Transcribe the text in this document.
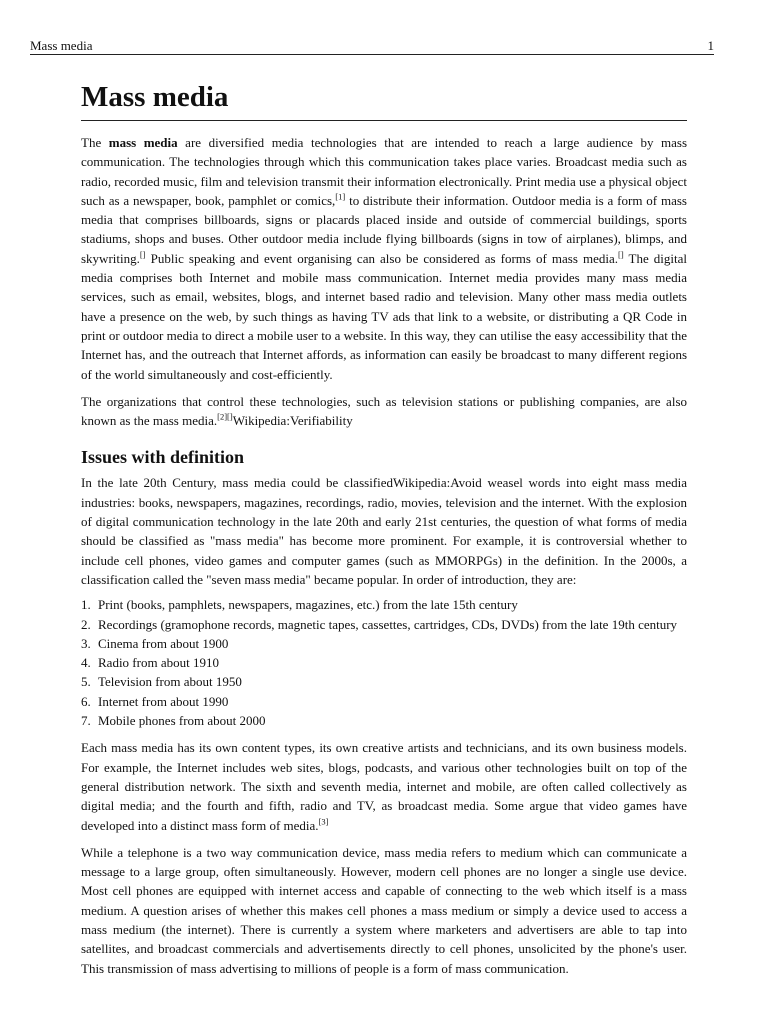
Mass media	1
Mass media

The mass media are diversified media technologies that are intended to reach a large audience by mass communication. The technologies through which this communication takes place varies. Broadcast media such as radio, recorded music, film and television transmit their information electronically. Print media use a physical object such as a newspaper, book, pamphlet or comics,[1] to distribute their information. Outdoor media is a form of mass media that comprises billboards, signs or placards placed inside and outside of commercial buildings, sports stadiums, shops and buses. Other outdoor media include flying billboards (signs in tow of airplanes), blimps, and skywriting.[] Public speaking and event organising can also be considered as forms of mass media.[] The digital media comprises both Internet and mobile mass communication. Internet media provides many mass media services, such as email, websites, blogs, and internet based radio and television. Many other mass media outlets have a presence on the web, by such things as having TV ads that link to a website, or distributing a QR Code in print or outdoor media to direct a mobile user to a website. In this way, they can utilise the easy accessibility that the Internet has, and the outreach that Internet affords, as information can easily be broadcast to many different regions of the world simultaneously and cost-efficiently.

The organizations that control these technologies, such as television stations or publishing companies, are also known as the mass media.[2][]Wikipedia:Verifiability

Issues with definition

In the late 20th Century, mass media could be classifiedWikipedia:Avoid weasel words into eight mass media industries: books, newspapers, magazines, recordings, radio, movies, television and the internet. With the explosion of digital communication technology in the late 20th and early 21st centuries, the question of what forms of media should be classified as "mass media" has become more prominent. For example, it is controversial whether to include cell phones, video games and computer games (such as MMORPGs) in the definition. In the 2000s, a classification called the "seven mass media" became popular. In order of introduction, they are:

1. Print (books, pamphlets, newspapers, magazines, etc.) from the late 15th century
2. Recordings (gramophone records, magnetic tapes, cassettes, cartridges, CDs, DVDs) from the late 19th century
3. Cinema from about 1900
4. Radio from about 1910
5. Television from about 1950
6. Internet from about 1990
7. Mobile phones from about 2000

Each mass media has its own content types, its own creative artists and technicians, and its own business models. For example, the Internet includes web sites, blogs, podcasts, and various other technologies built on top of the general distribution network. The sixth and seventh media, internet and mobile, are often called collectively as digital media; and the fourth and fifth, radio and TV, as broadcast media. Some argue that video games have developed into a distinct mass form of media.[3]

While a telephone is a two way communication device, mass media refers to medium which can communicate a message to a large group, often simultaneously. However, modern cell phones are no longer a single use device. Most cell phones are equipped with internet access and capable of connecting to the web which itself is a mass medium. A question arises of whether this makes cell phones a mass medium or simply a device used to access a mass medium (the internet). There is currently a system where marketers and advertisers are able to tap into satellites, and broadcast commercials and advertisements directly to cell phones, unsolicited by the phone's user. This transmission of mass advertising to millions of people is a form of mass communication.
